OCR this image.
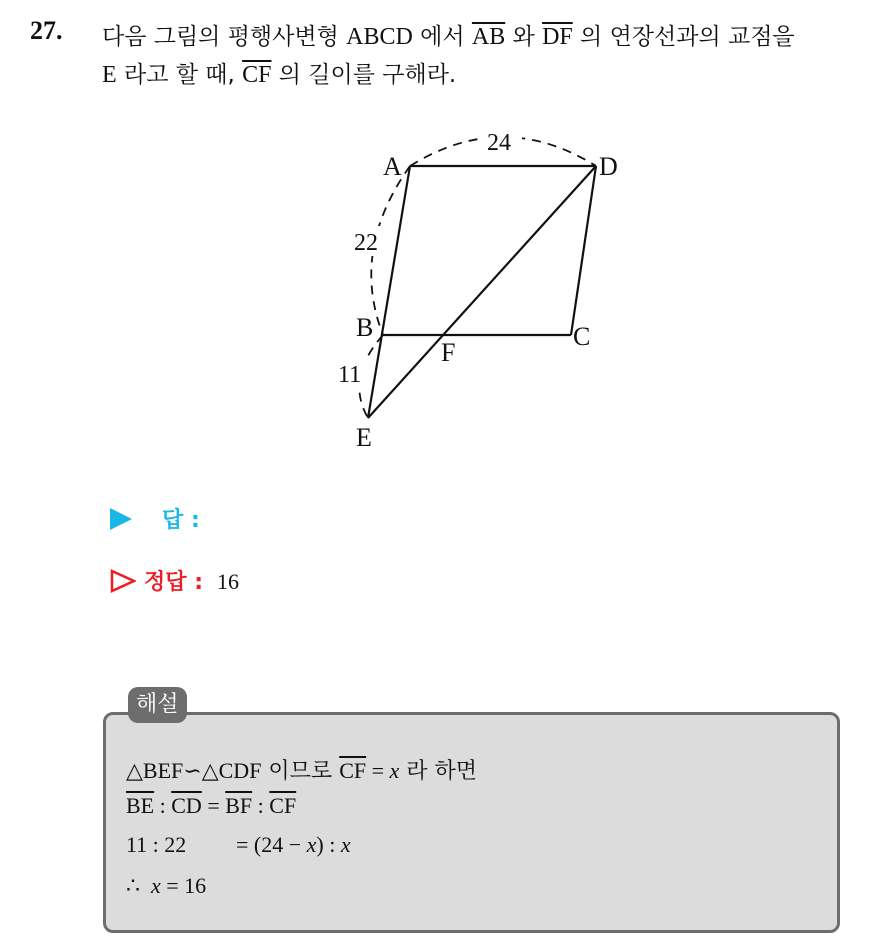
27. 다음 그림의 평행사변형 ABCD 에서 $\overline{AB}$ 와 $\overline{DF}$ 의 연장선과의 교점을
E 라고 할 때, $\overline{CF}$ 의 길이를 구해라.
A	D
B	C
F
E
24
22
11
답 :
정답 : 16
해설
△BEF∽△CDF 이므로 $\overline{CF} = x$ 라 하면
$\overline{BE}$ : $\overline{CD} = \overline{BF}$ : $\overline{CF}$
11 : 22 = (24 − x) : x
∴ x = 16
